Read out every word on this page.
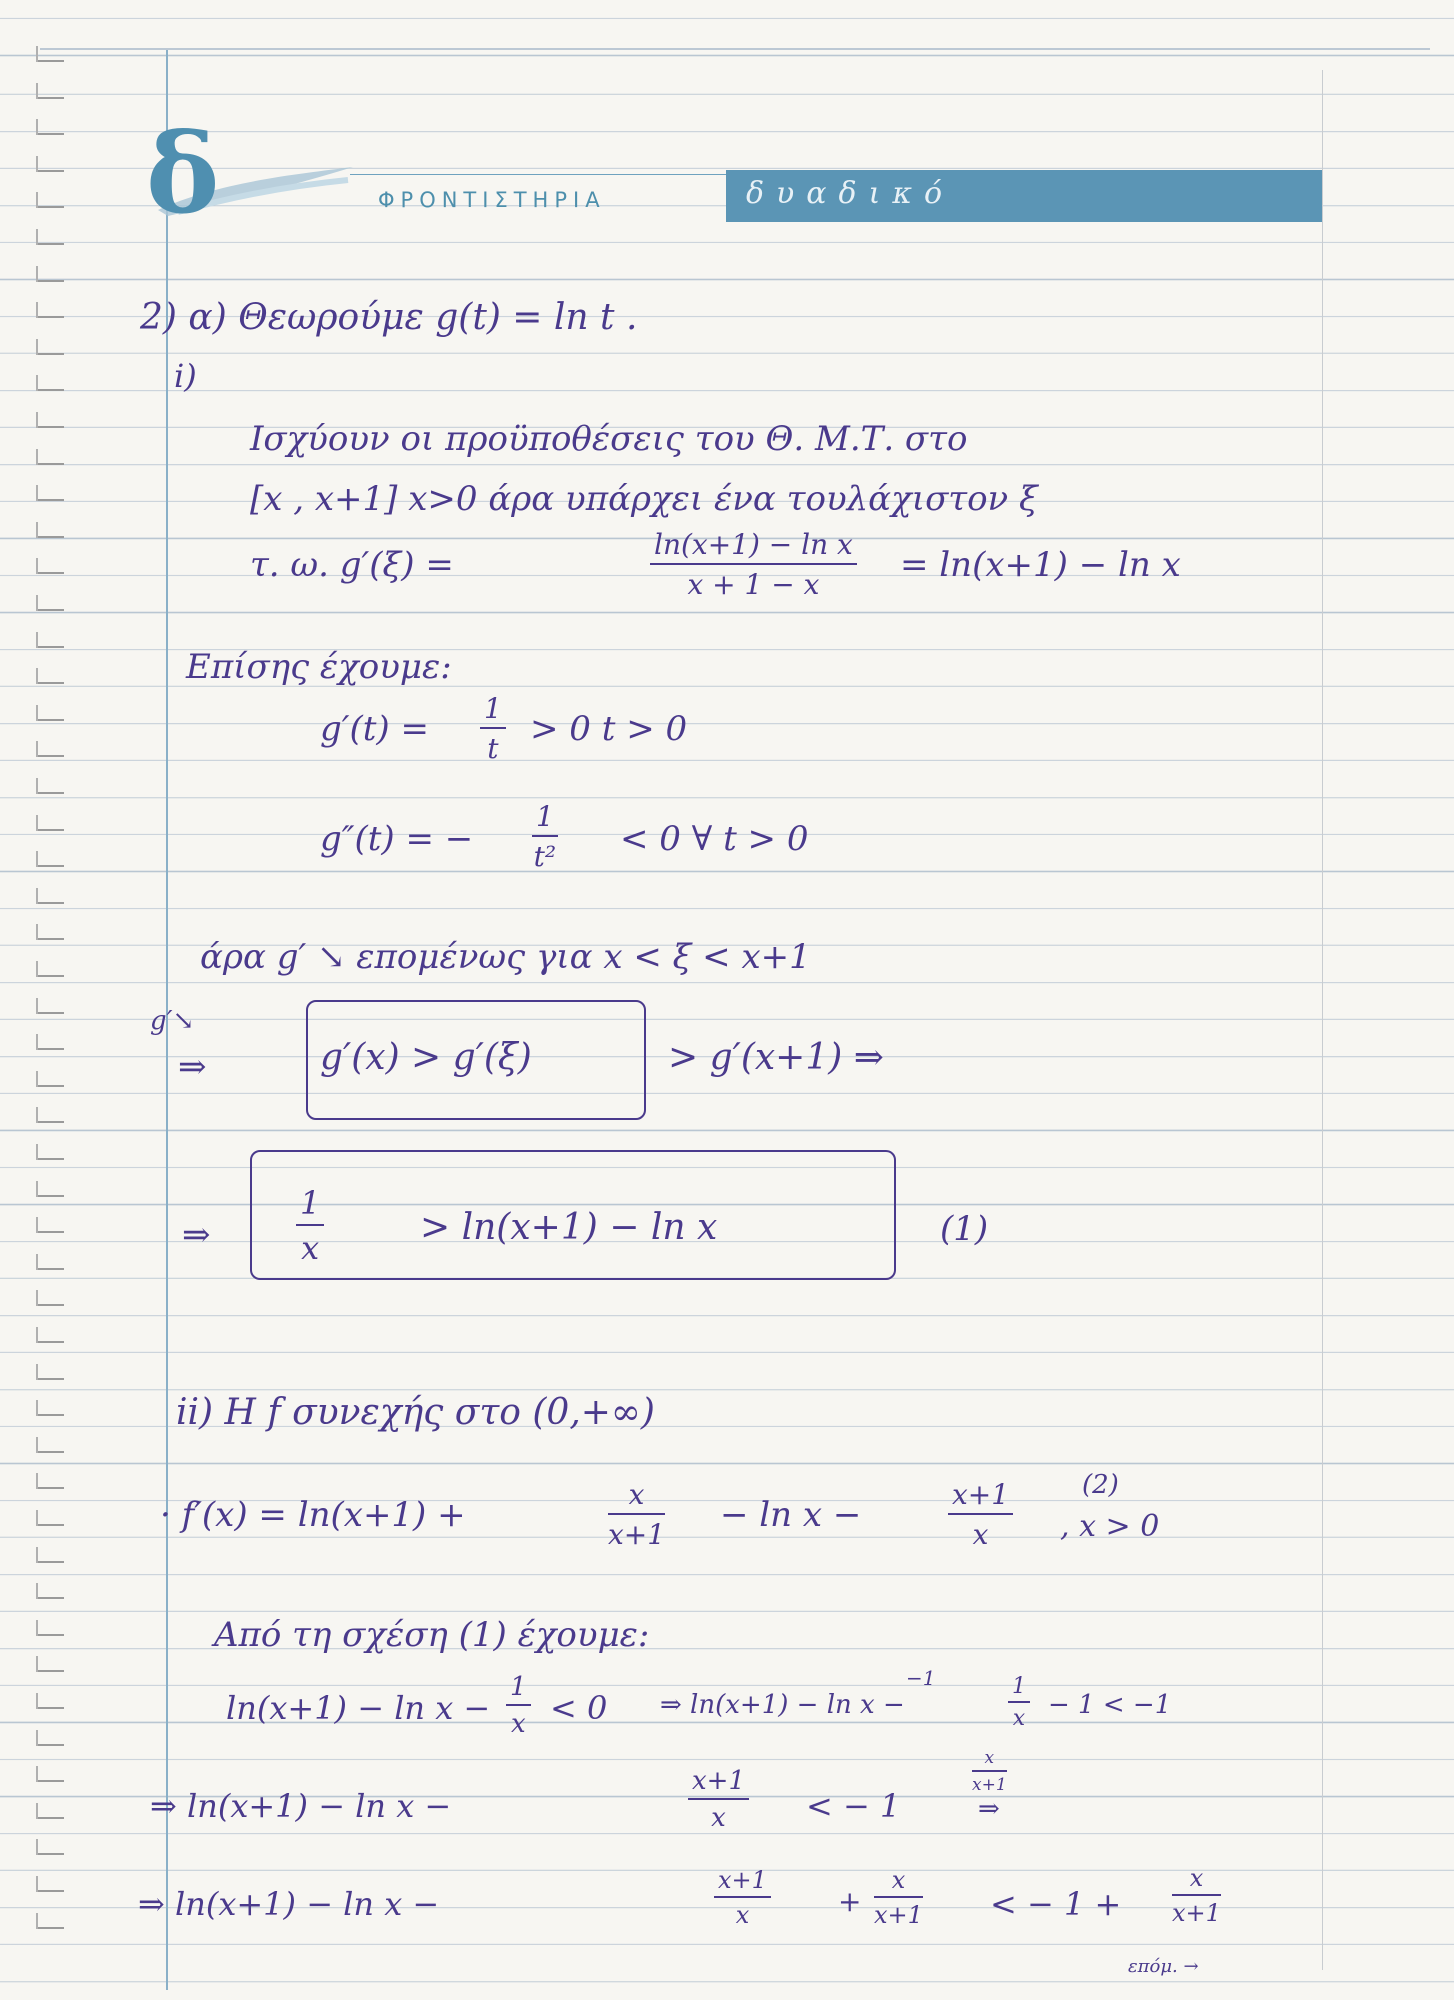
δ	ΦΡΟΝΤΙΣΤΗΡΙΑ	δυαδικό
2) α) Θεωρούμε g(t) = ln t .
i)
Ισχύουν οι προϋποθέσεις του Θ. Μ.Τ. στο
[x , x+1] x>0 άρα υπάρχει ένα τουλάχιστον ξ
τ. ω. g′(ξ) =	$\frac{\text{ln(x+1) − ln x}}{x + 1 - x} = \ln(x+1) - \ln x$
Επίσης έχουμε:
$g'(t) = \frac{1}{t} > 0$ t > 0
g″(t) = − $\frac{1}{\text{t²}} < 0$ ∀ t > 0
άρα g′ ↘ επομένως για x < ξ < x+1
g′↘
⇒	g′(x) > g′(ξ)	> g′(x+1) ⇒
⇒	$\frac{1}{x}$	> ln(x+1) − ln x	(1)
ii) Η f συνεχής στο (0,+∞)
· f′(x) = ln(x+1) +	$\frac{x}{x+1} - \ln x$ −	$\frac{x+1}{x}$	(2)
, x > 0
Από τη σχέση (1) έχουμε:
$\ln(x+1) - \ln x - \frac{1}{x} < 0$
−1
⇒ ln(x+1) − ln x −	$\frac{1}{x} - 1 < -1$
⇒ ln(x+1) − ln x −	$\frac{x+1}{x}$ < − 1
$\frac{x}{x+1}$
⇒
⇒ ln(x+1) − ln x −	$\frac{x+1}{x} + \frac{x}{x+1}$ < − $1 + \frac{x}{x+1}$
επόμ. →
